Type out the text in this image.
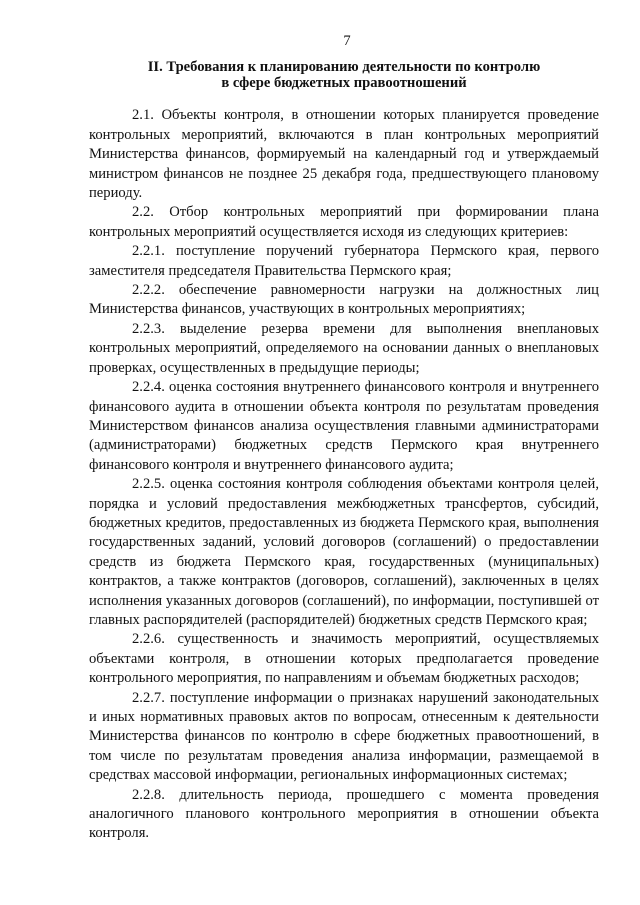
7
II. Требования к планированию деятельности по контролю
в сфере бюджетных правоотношений

2.1. Объекты контроля, в отношении которых планируется проведение контрольных мероприятий, включаются в план контрольных мероприятий Министерства финансов, формируемый на календарный год и утверждаемый министром финансов не позднее 25 декабря года, предшествующего плановому периоду.

2.2. Отбор контрольных мероприятий при формировании плана контрольных мероприятий осуществляется исходя из следующих критериев:

2.2.1. поступление поручений губернатора Пермского края, первого заместителя председателя Правительства Пермского края;

2.2.2. обеспечение равномерности нагрузки на должностных лиц Министерства финансов, участвующих в контрольных мероприятиях;

2.2.3. выделение резерва времени для выполнения внеплановых контрольных мероприятий, определяемого на основании данных о внеплановых проверках, осуществленных в предыдущие периоды;

2.2.4. оценка состояния внутреннего финансового контроля и внутреннего финансового аудита в отношении объекта контроля по результатам проведения Министерством финансов анализа осуществления главными администраторами (администраторами) бюджетных средств Пермского края внутреннего финансового контроля и внутреннего финансового аудита;

2.2.5. оценка состояния контроля соблюдения объектами контроля целей, порядка и условий предоставления межбюджетных трансфертов, субсидий, бюджетных кредитов, предоставленных из бюджета Пермского края, выполнения государственных заданий, условий договоров (соглашений) о предоставлении средств из бюджета Пермского края, государственных (муниципальных) контрактов, а также контрактов (договоров, соглашений), заключенных в целях исполнения указанных договоров (соглашений), по информации, поступившей от главных распорядителей (распорядителей) бюджетных средств Пермского края;

2.2.6. существенность и значимость мероприятий, осуществляемых объектами контроля, в отношении которых предполагается проведение контрольного мероприятия, по направлениям и объемам бюджетных расходов;

2.2.7. поступление информации о признаках нарушений законодательных и иных нормативных правовых актов по вопросам, отнесенным к деятельности Министерства финансов по контролю в сфере бюджетных правоотношений, в том числе по результатам проведения анализа информации, размещаемой в средствах массовой информации, региональных информационных системах;

2.2.8. длительность периода, прошедшего с момента проведения аналогичного планового контрольного мероприятия в отношении объекта контроля.
